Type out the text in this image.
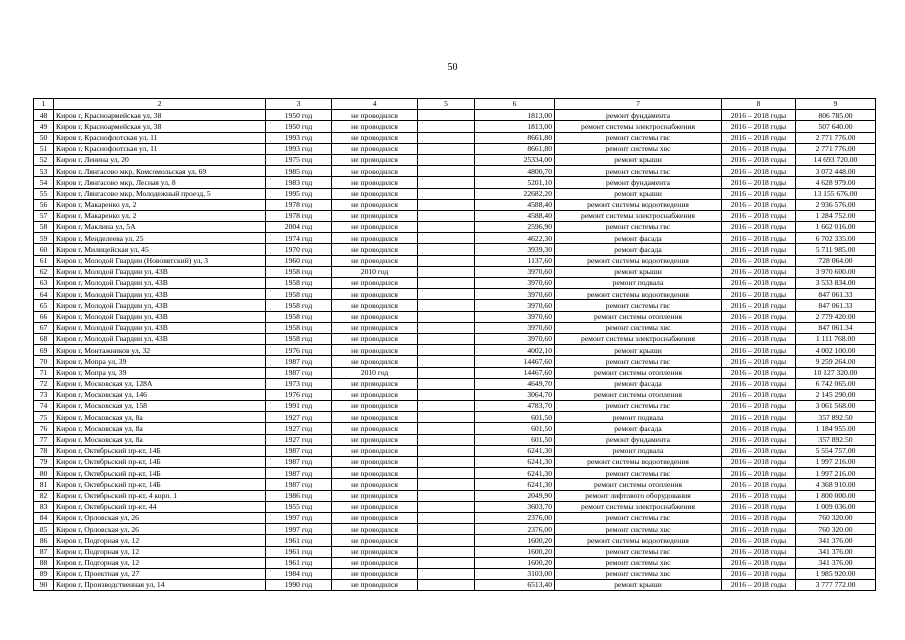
50
1	2	3	4	5	6	7	8	9
48	Киров г, Красноармейская ул, 38	1950 год	не проводился		1813,00	ремонт фундамента	2016 – 2018 годы	806 785.00
49	Киров г, Красноармейская ул, 38	1950 год	не проводился		1813,00	ремонт системы электроснабжения	2016 – 2018 годы	507 640.00
50	Киров г, Краснофлотская ул, 11	1993 год	не проводился		8661,80	ремонт системы гвс	2016 – 2018 годы	2 771 776.00
51	Киров г, Краснофлотская ул, 11	1993 год	не проводился		8661,80	ремонт системы хвс	2016 – 2018 годы	2 771 776.00
52	Киров г, Ленина ул, 20	1975 год	не проводился		25334,00	ремонт крыши	2016 – 2018 годы	14 693 720.00
53	Киров г, Лянгасово мкр, Комсомольская ул, 69	1985 год	не проводился		4800,70	ремонт системы гвс	2016 – 2018 годы	3 072 448.00
54	Киров г, Лянгасово мкр, Лесная ул, 8	1983 год	не проводился		5201,10	ремонт фундамента	2016 – 2018 годы	4 628 979.00
55	Киров г, Лянгасово мкр, Молодежный проезд, 5	1995 год	не проводился		22682,20	ремонт крыши	2016 – 2018 годы	13 155 676.00
56	Киров г, Макаренко ул, 2	1978 год	не проводился		4588,40	ремонт системы водоотведения	2016 – 2018 годы	2 936 576.00
57	Киров г, Макаренко ул, 2	1978 год	не проводился		4588,40	ремонт системы электроснабжения	2016 – 2018 годы	1 284 752.00
58	Киров г, Маклина ул, 5А	2004 год	не проводился		2596,90	ремонт системы гвс	2016 – 2018 годы	1 662 016.00
59	Киров г, Менделеева ул, 25	1974 год	не проводился		4622,30	ремонт фасада	2016 – 2018 годы	6 702 335.00
60	Киров г, Милицейская ул, 45	1970 год	не проводился		3939,30	ремонт фасада	2016 – 2018 годы	5 711 985.00
61	Киров г, Молодой Гвардии (Нововятский) ул, 3	1960 год	не проводился		1137,60	ремонт системы водоотведения	2016 – 2018 годы	728 064.00
62	Киров г, Молодой Гвардии ул, 43В	1958 год	2010 год		3970,60	ремонт крыши	2016 – 2018 годы	3 970 600.00
63	Киров г, Молодой Гвардии ул, 43В	1958 год	не проводился		3970,60	ремонт подвала	2016 – 2018 годы	3 533 834.00
64	Киров г, Молодой Гвардии ул, 43В	1958 год	не проводился		3970,60	ремонт системы водоотведения	2016 – 2018 годы	847 061.33
65	Киров г, Молодой Гвардии ул, 43В	1958 год	не проводился		3970,60	ремонт системы гвс	2016 – 2018 годы	847 061.33
66	Киров г, Молодой Гвардии ул, 43В	1958 год	не проводился		3970,60	ремонт системы отопления	2016 – 2018 годы	2 779 420.00
67	Киров г, Молодой Гвардии ул, 43В	1958 год	не проводился		3970,60	ремонт системы хвс	2016 – 2018 годы	847 061.34
68	Киров г, Молодой Гвардии ул, 43В	1958 год	не проводился		3970,60	ремонт системы электроснабжения	2016 – 2018 годы	1 111 768.00
69	Киров г, Монтажников ул, 32	1976 год	не проводился		4002,10	ремонт крыши	2016 – 2018 годы	4 002 100.00
70	Киров г, Мопра ул, 39	1987 год	не проводился		14467,60	ремонт системы гвс	2016 – 2018 годы	9 259 264.00
71	Киров г, Мопра ул, 39	1987 год	2010 год		14467,60	ремонт системы отопления	2016 – 2018 годы	10 127 320.00
72	Киров г, Московская ул, 128А	1973 год	не проводился		4649,70	ремонт фасада	2016 – 2018 годы	6 742 065.00
73	Киров г, Московская ул, 146	1976 год	не проводился		3064,70	ремонт системы отопления	2016 – 2018 годы	2 145 290.00
74	Киров г, Московская ул, 158	1991 год	не проводился		4783,70	ремонт системы гвс	2016 – 2018 годы	3 061 568.00
75	Киров г, Московская ул, 8а	1927 год	не проводился		601,50	ремонт подвала	2016 – 2018 годы	357 892.50
76	Киров г, Московская ул, 8а	1927 год	не проводился		601,50	ремонт фасада	2016 – 2018 годы	1 184 955.00
77	Киров г, Московская ул, 8а	1927 год	не проводился		601,50	ремонт фундамента	2016 – 2018 годы	357 892.50
78	Киров г, Октябрьский пр-кт, 14Б	1987 год	не проводился		6241,30	ремонт подвала	2016 – 2018 годы	5 554 757.00
79	Киров г, Октябрьский пр-кт, 14Б	1987 год	не проводился		6241,30	ремонт системы водоотведения	2016 – 2018 годы	1 997 216.00
80	Киров г, Октябрьский пр-кт, 14Б	1987 год	не проводился		6241,30	ремонт системы гвс	2016 – 2018 годы	1 997 216.00
81	Киров г, Октябрьский пр-кт, 14Б	1987 год	не проводился		6241,30	ремонт системы отопления	2016 – 2018 годы	4 368 910.00
82	Киров г, Октябрьский пр-кт, 4 корп. 1	1986 год	не проводился		2049,90	ремонт лифтового оборудования	2016 – 2018 годы	1 800 000.00
83	Киров г, Октябрьский пр-кт, 44	1955 год	не проводился		3603,70	ремонт системы электроснабжения	2016 – 2018 годы	1 009 036.00
84	Киров г, Орловская ул, 26	1997 год	не проводился		2376,00	ремонт системы гвс	2016 – 2018 годы	760 320.00
85	Киров г, Орловская ул, 26	1997 год	не проводился		2376,00	ремонт системы хвс	2016 – 2018 годы	760 320.00
86	Киров г, Подгорная ул, 12	1961 год	не проводился		1600,20	ремонт системы водоотведения	2016 – 2018 годы	341 376.00
87	Киров г, Подгорная ул, 12	1961 год	не проводился		1600,20	ремонт системы гвс	2016 – 2018 годы	341 376.00
88	Киров г, Подгорная ул, 12	1961 год	не проводился		1600,20	ремонт системы хвс	2016 – 2018 годы	341 376.00
89	Киров г, Проектная ул, 27	1984 год	не проводился		3103,00	ремонт системы хвс	2016 – 2018 годы	1 985 920.00
90	Киров г, Производственная ул, 14	1990 год	не проводился		6513,40	ремонт крыши	2016 – 2018 годы	3 777 772.00
